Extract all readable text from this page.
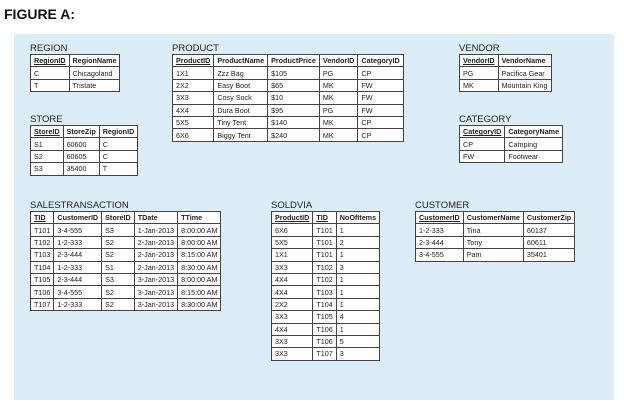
FIGURE A:
REGION
RegionID	RegionName
C	Chicagoland
T	Tristate
PRODUCT
ProductID	ProductName	ProductPrice	VendorID	CategoryID
1X1	Zzz Bag	$105	PG	CP
2X2	Easy Boot	$65	MK	FW
3X3	Cosy Sock	$10	MK	FW
4X4	Dura Boot	$95	PG	FW
5X5	Tiny Tent	$140	MK	CP
6X6	Biggy Tent	$240	MK	CP
VENDOR
VendorID	VendorName
PG	Pacifica Gear
MK	Mountain King
STORE
StoreID	StoreZip	RegionID
S1	60600	C
S2	60605	C
S3	35400	T
CATEGORY
CategoryID	CategoryName
CP	Camping
FW	Footwear
SALESTRANSACTION
TID	CustomerID	StoreID	TDate	TTime
T101	3-4-555	S3	1-Jan-2013	8:00:00 AM
T102	1-2-333	S2	2-Jan-2013	8:00:00 AM
T103	2-3-444	S2	2-Jan-2013	8:15:00 AM
T104	1-2-333	S1	2-Jan-2013	8:30:00 AM
T105	2-3-444	S3	3-Jan-2013	8:00:00 AM
T106	3-4-555	S2	3-Jan-2013	8:15:00 AM
T107	1-2-333	S2	3-Jan-2013	8:30:00 AM
SOLDVIA
ProductID	TID	NoOfItems
6X6	T101	1
5X5	T101	2
1X1	T101	1
3X3	T102	3
4X4	T102	1
4X4	T103	1
2X2	T104	1
3X3	T105	4
4X4	T106	1
3X3	T106	5
3X3	T107	3
CUSTOMER
CustomerID	CustomerName	CustomerZip
1-2-333	Tina	60137
2-3-444	Tony	60611
3-4-555	Pam	35401
